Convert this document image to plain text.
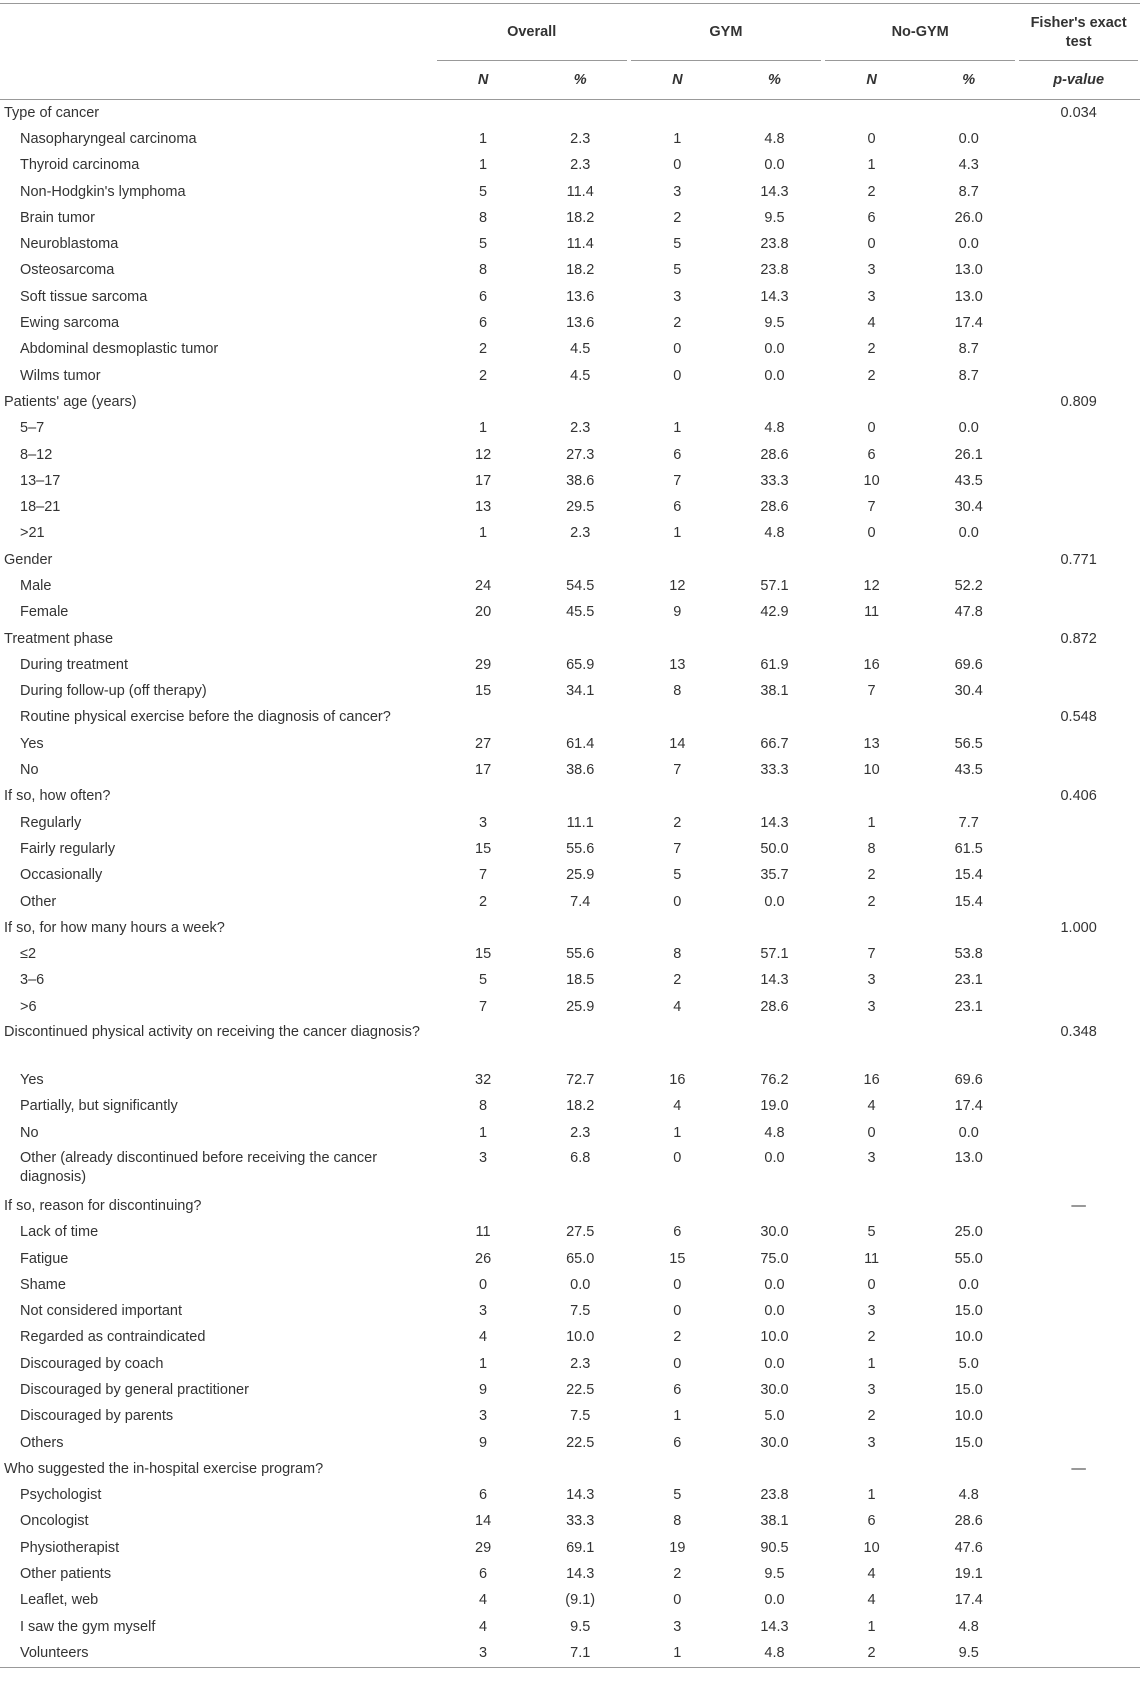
	Overall		GYM		No-GYM		Fisher's exact test

	N	%	N	%	N	%	p-value
Type of cancer							0.034
Nasopharyngeal carcinoma	1	2.3	1	4.8	0	0.0	
Thyroid carcinoma	1	2.3	0	0.0	1	4.3	
Non-Hodgkin's lymphoma	5	11.4	3	14.3	2	8.7	
Brain tumor	8	18.2	2	9.5	6	26.0	
Neuroblastoma	5	11.4	5	23.8	0	0.0	
Osteosarcoma	8	18.2	5	23.8	3	13.0	
Soft tissue sarcoma	6	13.6	3	14.3	3	13.0	
Ewing sarcoma	6	13.6	2	9.5	4	17.4	
Abdominal desmoplastic tumor	2	4.5	0	0.0	2	8.7	
Wilms tumor	2	4.5	0	0.0	2	8.7	
Patients' age (years)							0.809
5–7	1	2.3	1	4.8	0	0.0	
8–12	12	27.3	6	28.6	6	26.1	
13–17	17	38.6	7	33.3	10	43.5	
18–21	13	29.5	6	28.6	7	30.4	
>21	1	2.3	1	4.8	0	0.0	
Gender							0.771
Male	24	54.5	12	57.1	12	52.2	
Female	20	45.5	9	42.9	11	47.8	
Treatment phase							0.872
During treatment	29	65.9	13	61.9	16	69.6	
During follow-up (off therapy)	15	34.1	8	38.1	7	30.4	
Routine physical exercise before the diagnosis of cancer?							0.548
Yes	27	61.4	14	66.7	13	56.5	
No	17	38.6	7	33.3	10	43.5	
If so, how often?							0.406
Regularly	3	11.1	2	14.3	1	7.7	
Fairly regularly	15	55.6	7	50.0	8	61.5	
Occasionally	7	25.9	5	35.7	2	15.4	
Other	2	7.4	0	0.0	2	15.4	
If so, for how many hours a week?							1.000
≤2	15	55.6	8	57.1	7	53.8	
3–6	5	18.5	2	14.3	3	23.1	
>6	7	25.9	4	28.6	3	23.1	
Discontinued physical activity on receiving the cancer diagnosis?							0.348
Yes	32	72.7	16	76.2	16	69.6	
Partially, but significantly	8	18.2	4	19.0	4	17.4	
No	1	2.3	1	4.8	0	0.0	
Other (already discontinued before receiving the cancer diagnosis)	3	6.8	0	0.0	3	13.0	
If so, reason for discontinuing?							—
Lack of time	11	27.5	6	30.0	5	25.0	
Fatigue	26	65.0	15	75.0	11	55.0	
Shame	0	0.0	0	0.0	0	0.0	
Not considered important	3	7.5	0	0.0	3	15.0	
Regarded as contraindicated	4	10.0	2	10.0	2	10.0	
Discouraged by coach	1	2.3	0	0.0	1	5.0	
Discouraged by general practitioner	9	22.5	6	30.0	3	15.0	
Discouraged by parents	3	7.5	1	5.0	2	10.0	
Others	9	22.5	6	30.0	3	15.0	
Who suggested the in-hospital exercise program?							—
Psychologist	6	14.3	5	23.8	1	4.8	
Oncologist	14	33.3	8	38.1	6	28.6	
Physiotherapist	29	69.1	19	90.5	10	47.6	
Other patients	6	14.3	2	9.5	4	19.1	
Leaflet, web	4	(9.1)	0	0.0	4	17.4	
I saw the gym myself	4	9.5	3	14.3	1	4.8	
Volunteers	3	7.1	1	4.8	2	9.5	
